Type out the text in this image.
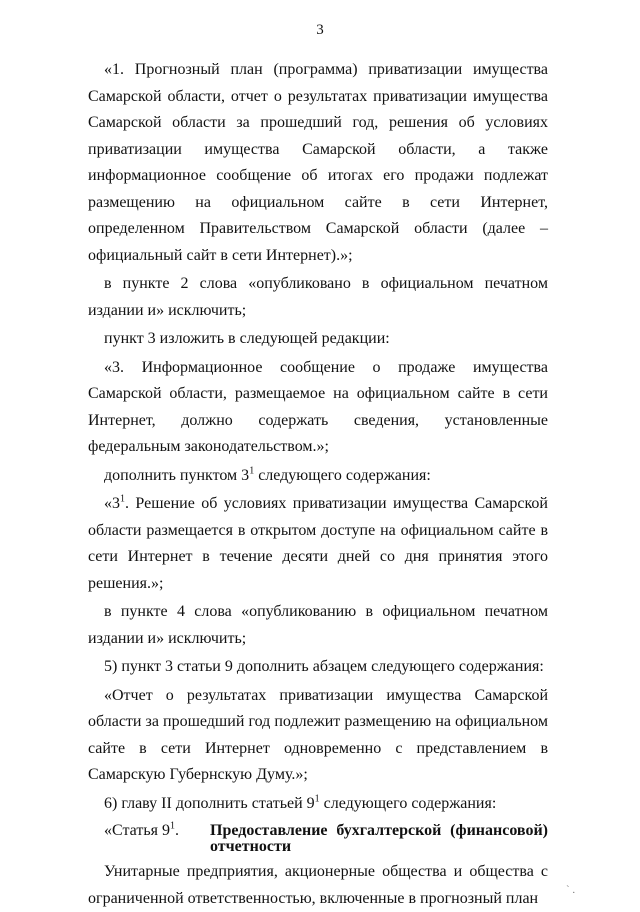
3

«1. Прогнозный план (программа) приватизации имущества Самарской области, отчет о результатах приватизации имущества Самарской области за прошедший год, решения об условиях приватизации имущества Самарской области, а также информационное сообщение об итогах его продажи подлежат размещению на официальном сайте в сети Интернет, определенном Правительством Самарской области (далее – официальный сайт в сети Интернет).»;

в пункте 2 слова «опубликовано в официальном печатном издании и» исключить;

пункт 3 изложить в следующей редакции:

«3. Информационное сообщение о продаже имущества Самарской области, размещаемое на официальном сайте в сети Интернет, должно содержать сведения, установленные федеральным законодательством.»;

дополнить пунктом $3^1$ следующего содержания:

«$3^1$. Решение об условиях приватизации имущества Самарской области размещается в открытом доступе на официальном сайте в сети Интернет в течение десяти дней со дня принятия этого решения.»;

в пункте 4 слова «опубликованию в официальном печатном издании и» исключить;

5) пункт 3 статьи 9 дополнить абзацем следующего содержания:

«Отчет о результатах приватизации имущества Самарской области за прошедший год подлежит размещению на официальном сайте в сети Интернет одновременно с представлением в Самарскую Губернскую Думу.»;

6) главу II дополнить статьей $9^1$ следующего содержания:

«Статья $9^1$.	Предоставление бухгалтерской (финансовой) отчетности

Унитарные предприятия, акционерные общества и общества с ограниченной ответственностью, включенные в прогнозный план	` .
